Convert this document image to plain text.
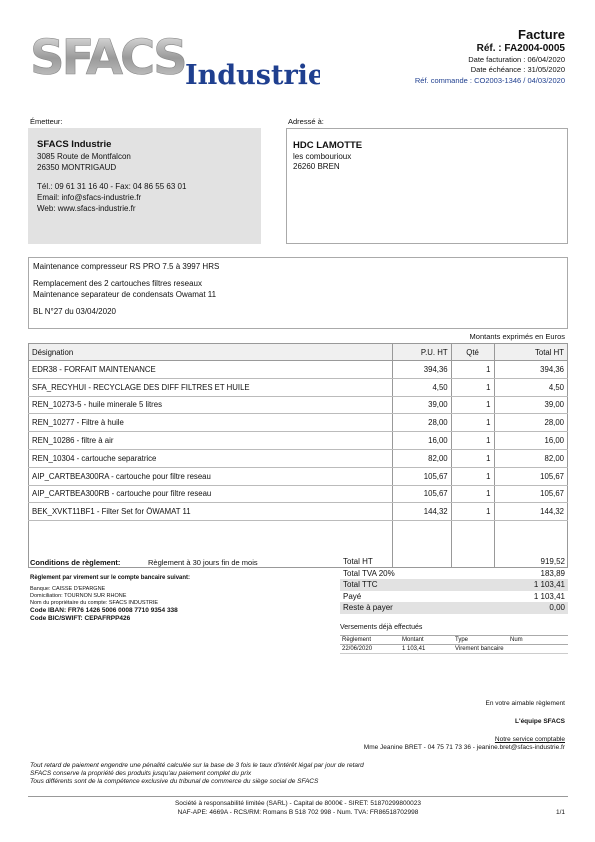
SFACS Industrie
Facture
Réf. : FA2004-0005
Date facturation : 06/04/2020
Date échéance : 31/05/2020
Réf. commande : CO2003-1346 / 04/03/2020
Émetteur:	Adressé à:
SFACS Industrie
3085 Route de Montfalcon
26350 MONTRIGAUD
Tél.: 09 61 31 16 40 - Fax: 04 86 55 63 01
Email: info@sfacs-industrie.fr
Web: www.sfacs-industrie.fr
HDC LAMOTTE
les combourioux
26260 BREN
Maintenance compresseur RS PRO 7.5 à 3997 HRS
Remplacement des 2 cartouches filtres reseaux
Maintenance separateur de condensats Owamat 11
BL N°27 du 03/04/2020
Montants exprimés en Euros
Désignation	P.U. HT	Qté	Total HT
EDR38 - FORFAIT MAINTENANCE	394,36	1	394,36
SFA_RECYHUI - RECYCLAGE DES DIFF FILTRES ET HUILE	4,50	1	4,50
REN_10273-5 - huile minerale 5 litres	39,00	1	39,00
REN_10277 - Filtre à huile	28,00	1	28,00
REN_10286 - filtre à air	16,00	1	16,00
REN_10304 - cartouche separatrice	82,00	1	82,00
AIP_CARTBEA300RA - cartouche pour filtre reseau	105,67	1	105,67
AIP_CARTBEA300RB - cartouche pour filtre reseau	105,67	1	105,67
BEK_XVKT11BF1 - Filter Set for ÖWAMAT 11	144,32	1	144,32

Conditions de règlement:	Règlement à 30 jours fin de mois
Règlement par virement sur le compte bancaire suivant:
Banque: CAISSE D'EPARGNE
Domiciliation: TOURNON SUR RHONE
Nom du propriétaire du compte: SFACS INDUSTRIE
Code IBAN: FR76 1426 5006 0008 7710 9354 338
Code BIC/SWIFT: CEPAFRPP426
Total HT	919,52
Total TVA 20%	183,89
Total TTC	1 103,41
Payé	1 103,41
Reste à payer	0,00
Versements déjà effectués
Règlement	Montant	Type	Num
22/06/2020	1 103,41	Virement bancaire
En votre aimable règlement
L'équipe SFACS
Notre service comptable
Mme Jeanine BRET - 04 75 71 73 36 - jeanine.bret@sfacs-industrie.fr
Tout retard de paiement engendre une pénalité calculée sur la base de 3 fois le taux d'intérêt légal par jour de retard
SFACS conserve la propriété des produits jusqu'au paiement complet du prix
Tous différents sont de la compétence exclusive du tribunal de commerce du siège social de SFACS
Société à responsabilité limitée (SARL) - Capital de 8000€ - SIRET: 51870299800023
NAF-APE: 4669A - RCS/RM: Romans B 518 702 998 - Num. TVA: FR86518702998	1/1
